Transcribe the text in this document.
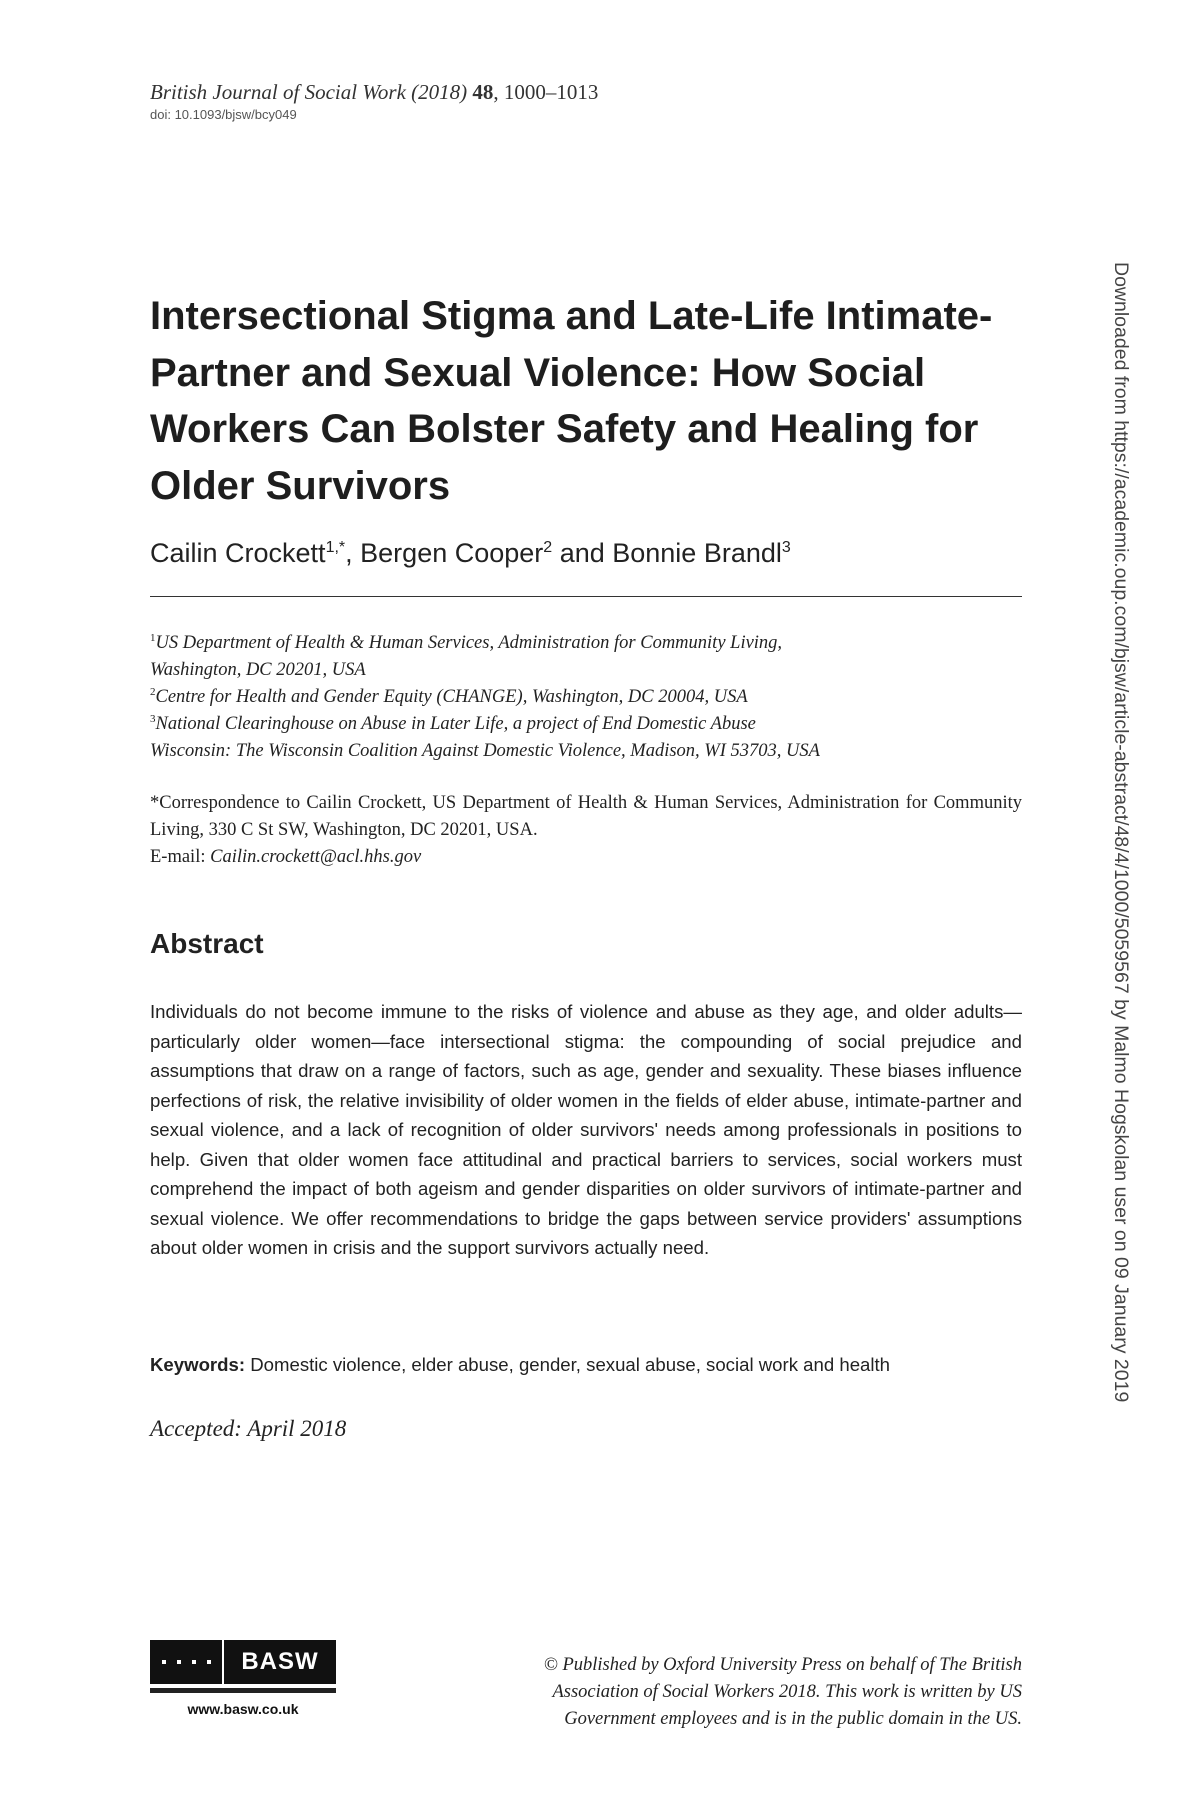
British Journal of Social Work (2018) 48, 1000–1013
doi: 10.1093/bjsw/bcy049
Intersectional Stigma and Late-Life Intimate-Partner and Sexual Violence: How Social Workers Can Bolster Safety and Healing for Older Survivors
Cailin Crockett$^{1,*}$, Bergen Cooper$^2$ and Bonnie Brandl$^3$
$^1$US Department of Health & Human Services, Administration for Community Living,
Washington, DC 20201, USA
$^2$Centre for Health and Gender Equity (CHANGE), Washington, DC 20004, USA
$^3$National Clearinghouse on Abuse in Later Life, a project of End Domestic Abuse
Wisconsin: The Wisconsin Coalition Against Domestic Violence, Madison, WI 53703, USA
*Correspondence to Cailin Crockett, US Department of Health & Human Services, Administration for Community Living, 330 C St SW, Washington, DC 20201, USA.
E-mail: Cailin.crockett@acl.hhs.gov
Abstract

Individuals do not become immune to the risks of violence and abuse as they age, and older adults—particularly older women—face intersectional stigma: the compounding of social prejudice and assumptions that draw on a range of factors, such as age, gender and sexuality. These biases influence perfections of risk, the relative invisibility of older women in the fields of elder abuse, intimate-partner and sexual violence, and a lack of recognition of older survivors' needs among professionals in positions to help. Given that older women face attitudinal and practical barriers to services, social workers must comprehend the impact of both ageism and gender disparities on older survivors of intimate-partner and sexual violence. We offer recommendations to bridge the gaps between service providers' assumptions about older women in crisis and the support survivors actually need.

Keywords: Domestic violence, elder abuse, gender, sexual abuse, social work and health
Accepted: April 2018
Downloaded from https://academic.oup.com/bjsw/article-abstract/48/4/1000/5059567 by Malmo Hogskolan user on 09 January 2019
BASW
www.basw.co.uk
© Published by Oxford University Press on behalf of The British
Association of Social Workers 2018. This work is written by US
Government employees and is in the public domain in the US.
